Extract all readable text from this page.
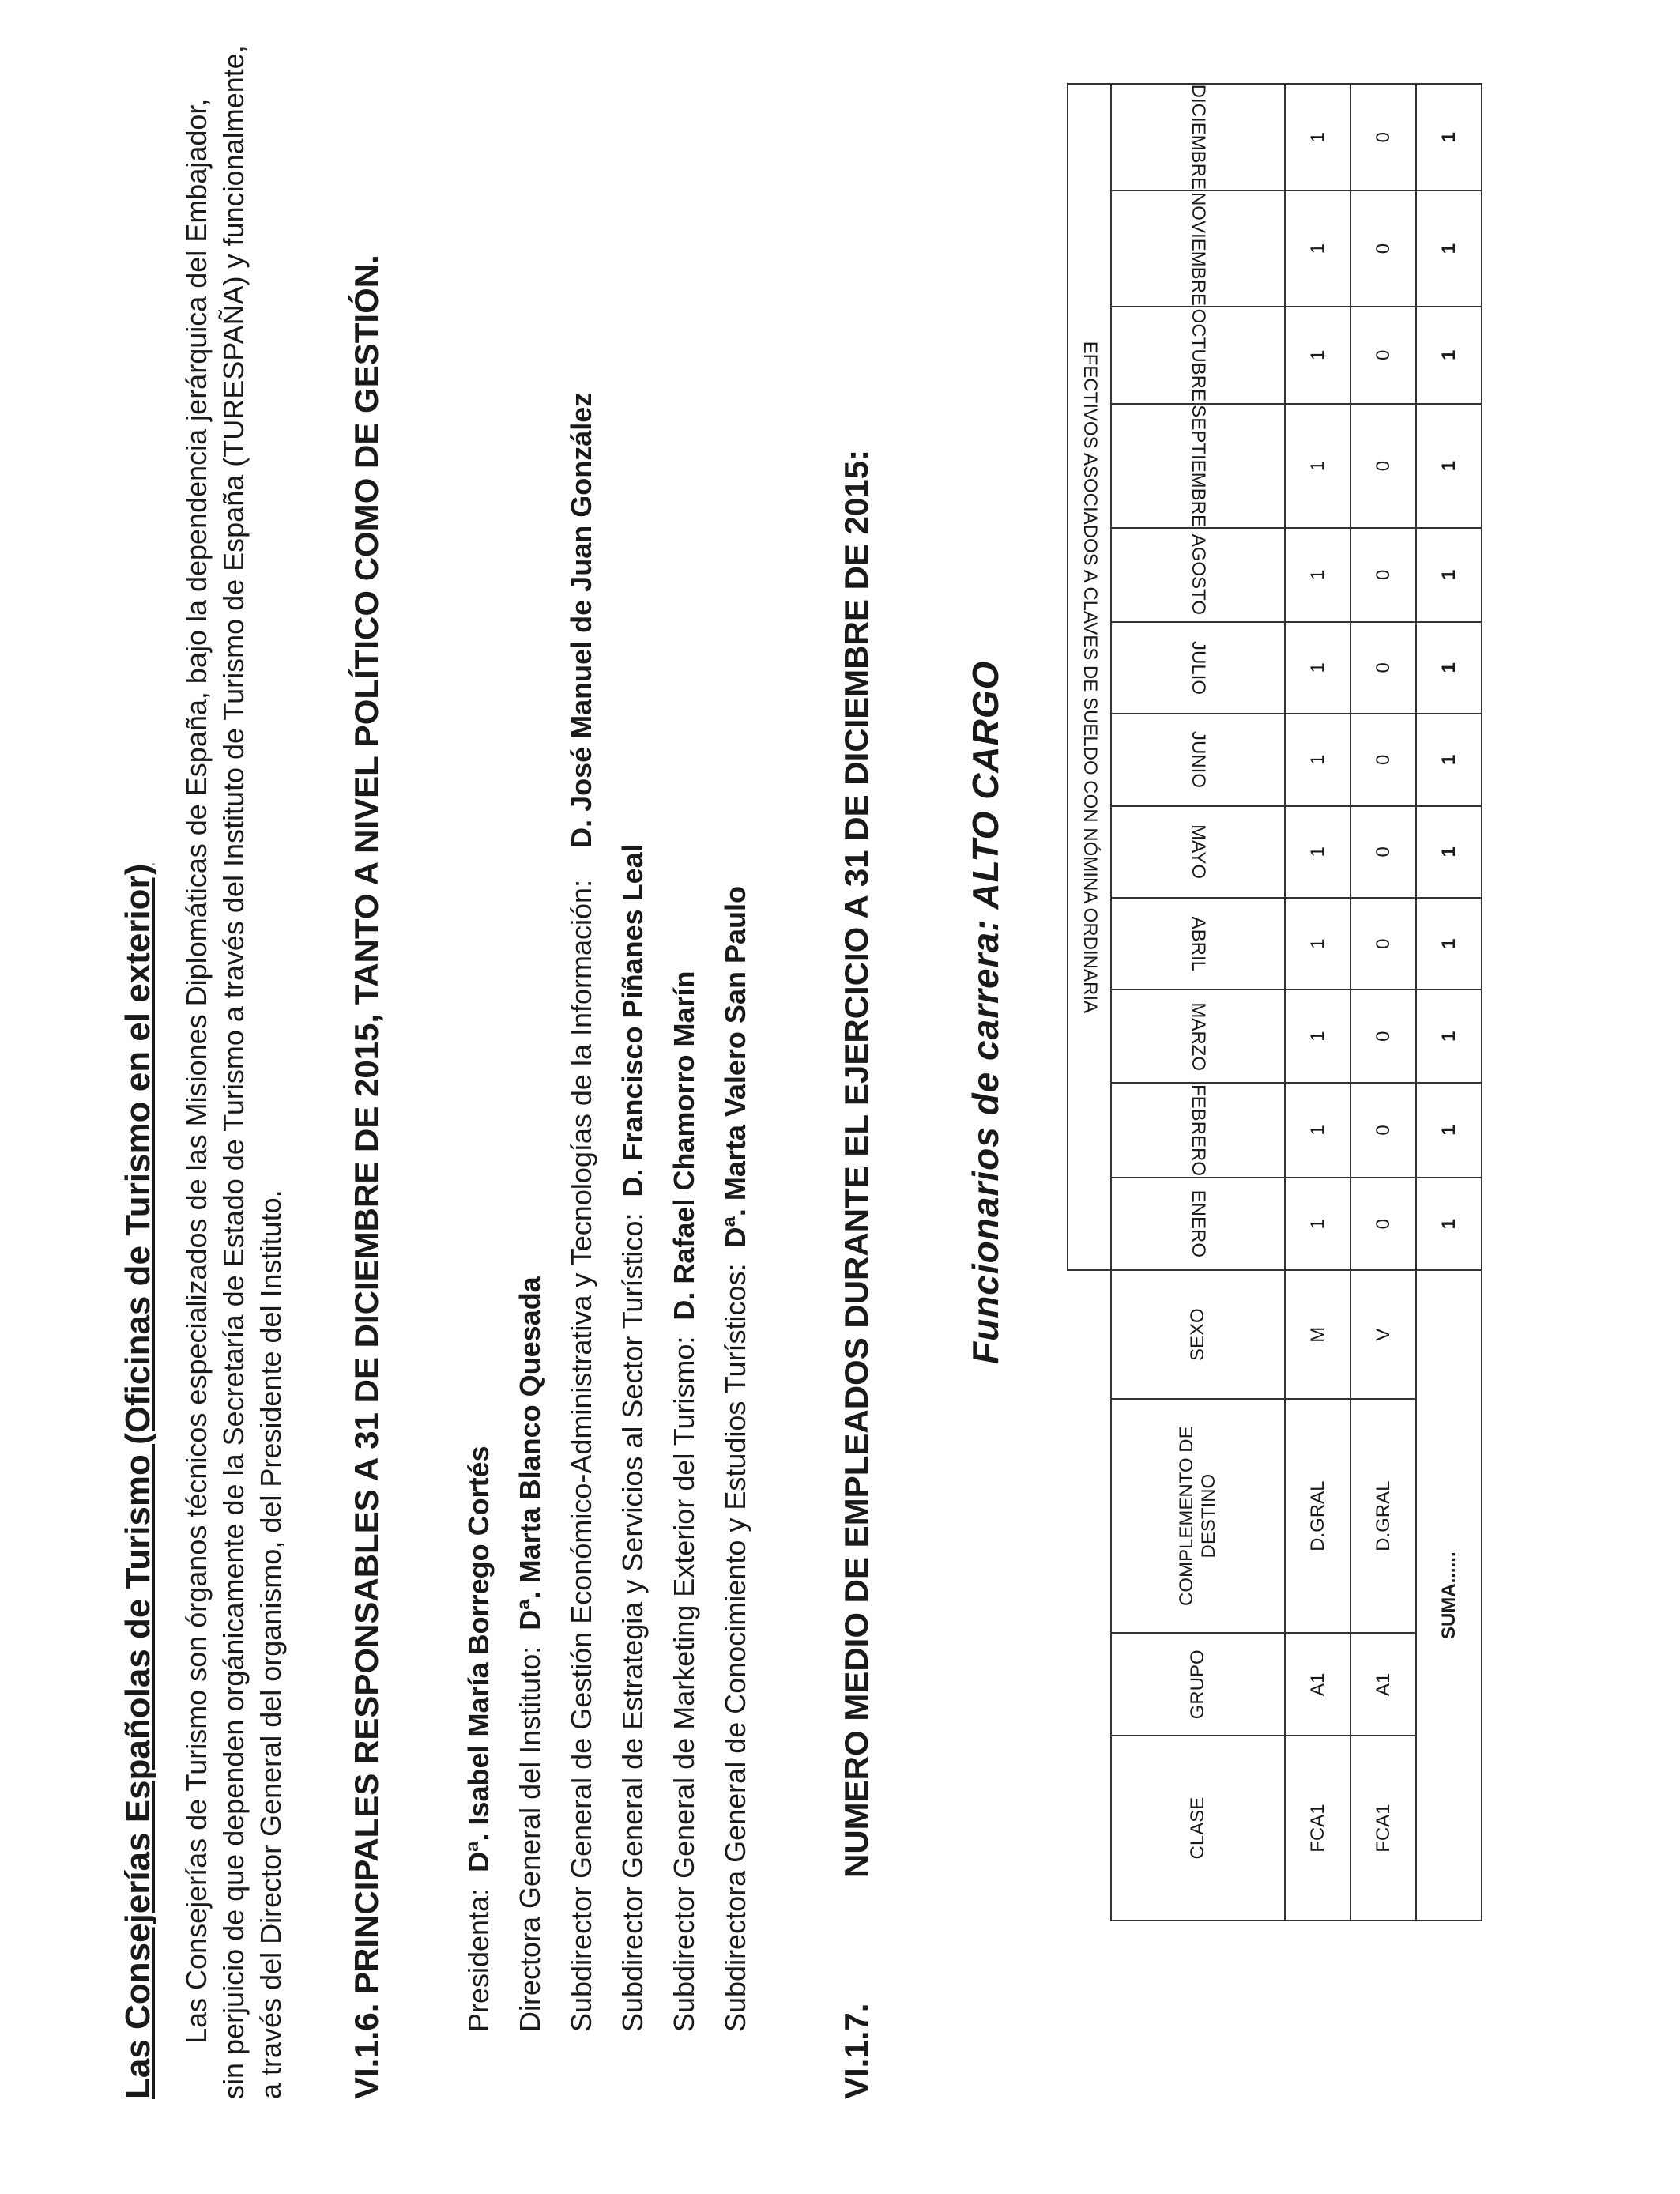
Las Consejerías Españolas de Turismo (Oficinas de Turismo en el exterior) Las Consejerías de Turismo son órganos técnicos especializados de las Misiones Diplomáticas de España, bajo la dependencia jerárquica del Embajador, sin perjuicio de que dependen orgánicamente de la Secretaría de Estado de Turismo a través del Instituto de Turismo de España (TURESPAÑA) y funcionalmente, a través del Director General del organismo, del Presidente del Instituto. VI.1.6. PRINCIPALES RESPONSABLES A 31 DE DICIEMBRE DE 2015, TANTO A NIVEL POLÍTICO COMO DE GESTIÓN.	Presidenta:  Dª. Isabel María Borrego Cortés Directora General del Instituto:  Dª. Marta Blanco Quesada Subdirector General de Gestión Económico-Administrativa y Tecnologías de la Información:    D. José Manuel de Juan González
Subdirector General de Estrategia y Servicios al Sector Turístico:  D. Francisco Piñanes Leal
Subdirector General de Marketing Exterior del Turismo:  D. Rafael Chamorro Marín
Subdirectora General de Conocimiento y Estudios Turísticos:  Dª. Marta Valero San Paulo
VI.1.7.
NUMERO MEDIO DE EMPLEADOS DURANTE EL EJERCICIO A 31 DE DICIEMBRE DE 2015: Funcionarios de carrera: ALTO CARGO
				EFECTIVOS ASOCIADOS A CLAVES DE SUELDO CON NÓMINA ORDINARIA											
CLASE	GRUPO	COMPLEMENTO DE DESTINO	SEXO	ENERO	FEBRERO	MARZO	ABRIL	MAYO	JUNIO	JULIO	AGOSTO	SEPTIEMBRE	OCTUBRE	NOVIEMBRE	DICIEMBRE
FCA1	A1	D.GRAL	M	1	1	1	1	1	1	1	1	1	1	1	1
FCA1	A1	D.GRAL	V	0	0	0	0	0	0	0	0	0	0	0	0
SUMA......				1	1	1	1	1	1	1	1	1	1	1	1
